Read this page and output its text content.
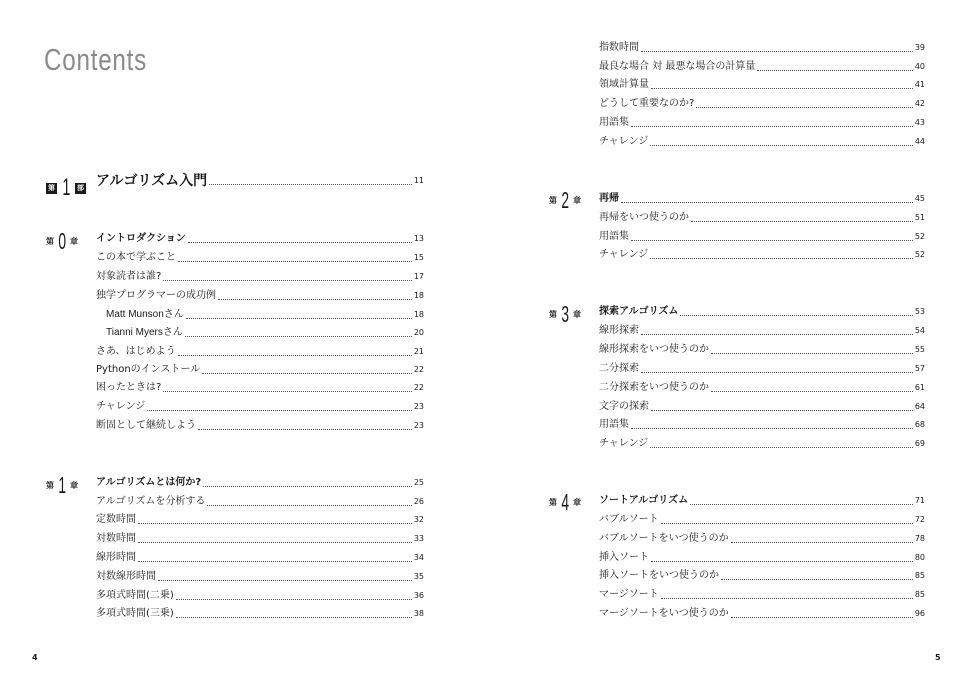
Contents
第 1 部 アルゴリズム入門	11
第 0 章 イントロダクション	13
この本で学ぶこと	15
対象読者は誰?	17
独学プログラマーの成功例	18
Matt Munsonさん	18
Tianni Myersさん	20
さあ、はじめよう	21
Pythonのインストール	22
困ったときは?	22
チャレンジ	23
断固として継続しよう	23
第 1 章 アルゴリズムとは何か?	25
アルゴリズムを分析する	26
定数時間	32
対数時間	33
線形時間	34
対数線形時間	35
多項式時間(二乗)	36
多項式時間(三乗)	38
4
指数時間	39
最良な場合 対 最悪な場合の計算量	40
領域計算量	41
どうして重要なのか?	42
用語集	43
チャレンジ	44
第 2 章 再帰	45
再帰をいつ使うのか	51
用語集	52
チャレンジ	52
第 3 章 探索アルゴリズム	53
線形探索	54
線形探索をいつ使うのか	55
二分探索	57
二分探索をいつ使うのか	61
文字の探索	64
用語集	68
チャレンジ	69
第 4 章 ソートアルゴリズム	71
バブルソート	72
バブルソートをいつ使うのか	78
挿入ソート	80
挿入ソートをいつ使うのか	85
マージソート	85
マージソートをいつ使うのか	96
5
